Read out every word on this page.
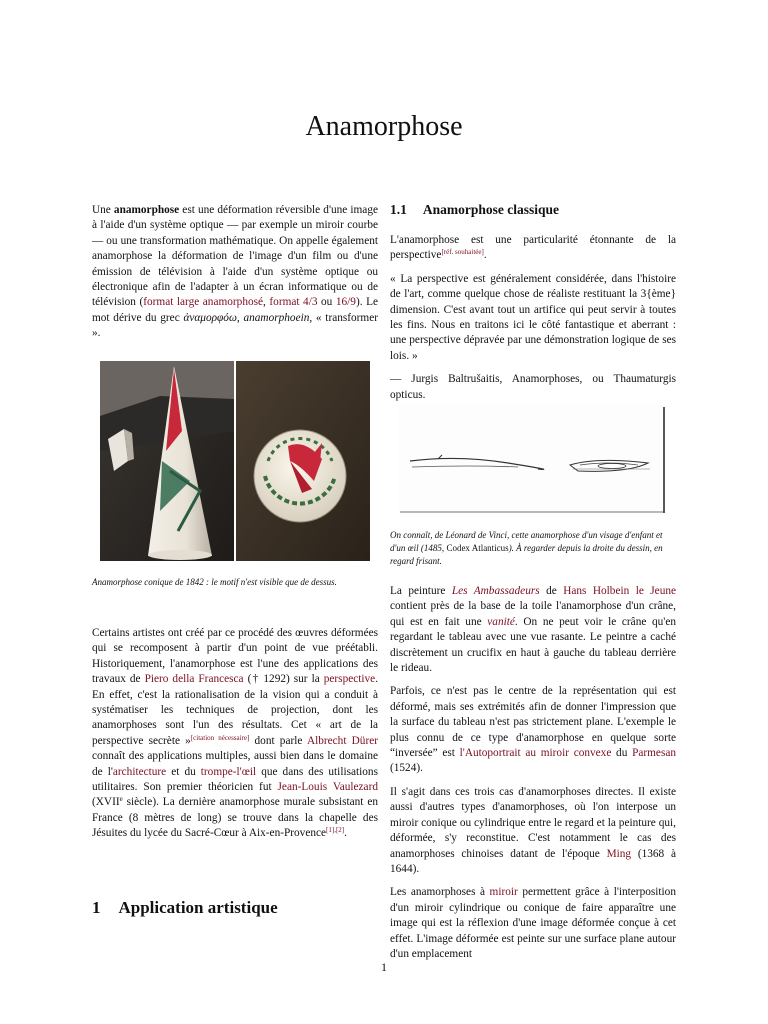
Anamorphose

Une anamorphose est une déformation réversible d'une image à l'aide d'un système optique — par exemple un miroir courbe — ou une transformation mathématique. On appelle également anamorphose la déformation de l'image d'un film ou d'une émission de télévision à l'aide d'un système optique ou électronique afin de l'adapter à un écran informatique ou de télévision (format large anamorphosé, format 4/3 ou 16/9). Le mot dérive du grec ἀναμορφόω, anamorphoein, « transformer ».

Anamorphose conique de 1842 : le motif n'est visible que de dessus.

Certains artistes ont créé par ce procédé des œuvres déformées qui se recomposent à partir d'un point de vue préétabli. Historiquement, l'anamorphose est l'une des applications des travaux de Piero della Francesca († 1292) sur la perspective. En effet, c'est la rationalisation de la vision qui a conduit à systématiser les techniques de projection, dont les anamorphoses sont l'un des résultats. Cet « art de la perspective secrète »[citation nécessaire] dont parle Albrecht Dürer connaît des applications multiples, aussi bien dans le domaine de l'architecture et du trompe-l'œil que dans des utilisations utilitaires. Son premier théoricien fut Jean-Louis Vaulezard (XVIIe siècle). La dernière anamorphose murale subsistant en France (8 mètres de long) se trouve dans la chapelle des Jésuites du lycée du Sacré-Cœur à Aix-en-Provence[1],[2].

1 Application artistique
1.1 Anamorphose classique

L'anamorphose est une particularité étonnante de la perspective[réf. souhaitée].

« La perspective est généralement considérée, dans l'histoire de l'art, comme quelque chose de réaliste restituant la 3{ème} dimension. C'est avant tout un artifice qui peut servir à toutes les fins. Nous en traitons ici le côté fantastique et aberrant : une perspective dépravée par une démonstration logique de ses lois. »

— Jurgis Baltrušaitis, Anamorphoses, ou Thaumaturgis opticus.

On connaît, de Léonard de Vinci, cette anamorphose d'un visage d'enfant et d'un œil (1485, Codex Atlanticus). À regarder depuis la droite du dessin, en regard frisant.

La peinture Les Ambassadeurs de Hans Holbein le Jeune contient près de la base de la toile l'anamorphose d'un crâne, qui est en fait une vanité. On ne peut voir le crâne qu'en regardant le tableau avec une vue rasante. Le peintre a caché discrètement un crucifix en haut à gauche du tableau derrière le rideau.

Parfois, ce n'est pas le centre de la représentation qui est déformé, mais ses extrémités afin de donner l'impression que la surface du tableau n'est pas strictement plane. L'exemple le plus connu de ce type d'anamorphose en quelque sorte “inversée” est l'Autoportrait au miroir convexe du Parmesan (1524).

Il s'agit dans ces trois cas d'anamorphoses directes. Il existe aussi d'autres types d'anamorphoses, où l'on interpose un miroir conique ou cylindrique entre le regard et la peinture qui, déformée, s'y reconstitue. C'est notamment le cas des anamorphoses chinoises datant de l'époque Ming (1368 à 1644).

Les anamorphoses à miroir permettent grâce à l'interposition d'un miroir cylindrique ou conique de faire apparaître une image qui est la réflexion d'une image déformée conçue à cet effet. L'image déformée est peinte sur une surface plane autour d'un emplacement

1
